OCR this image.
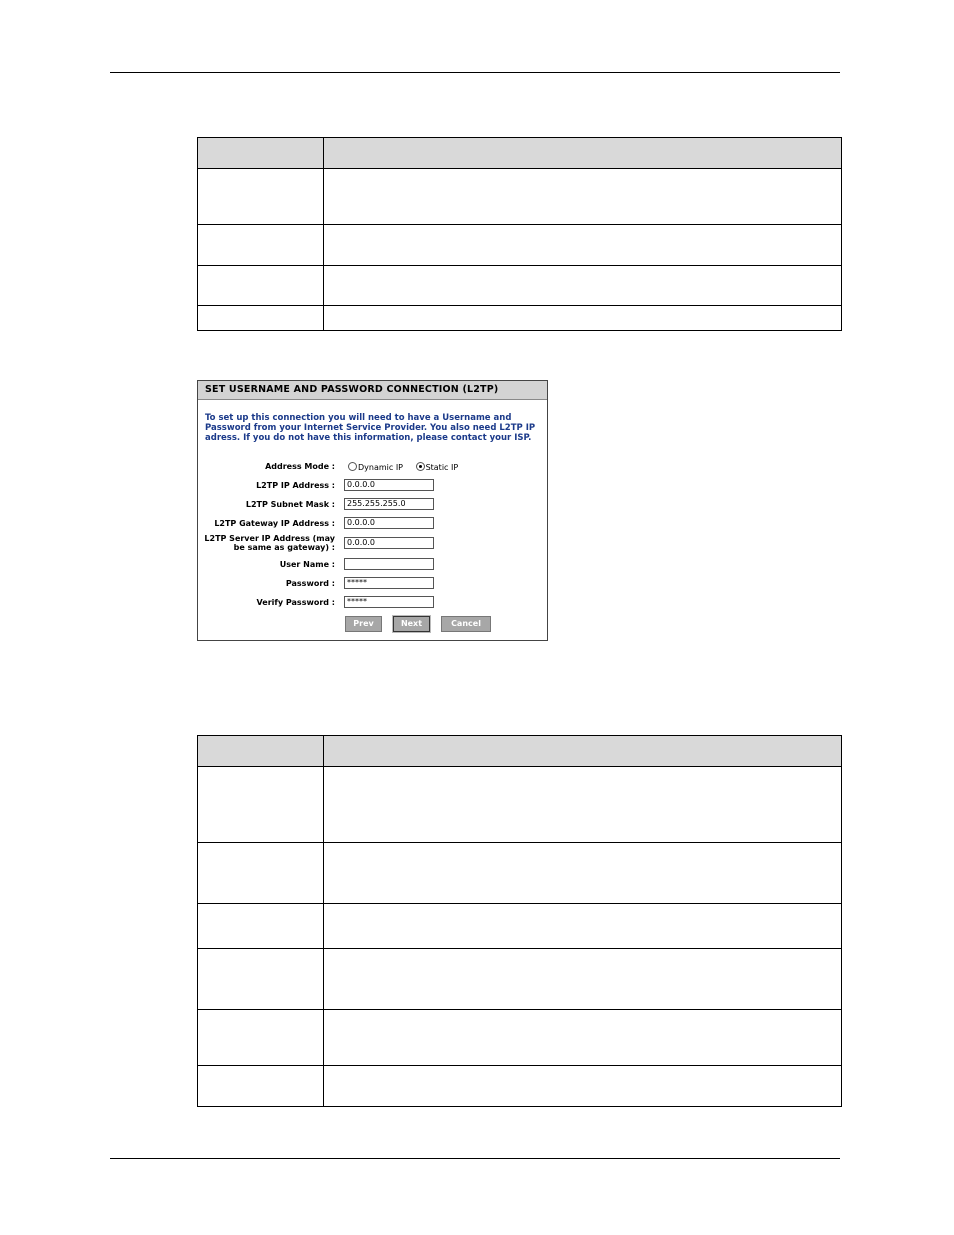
SET USERNAME AND PASSWORD CONNECTION (L2TP)
To set up this connection you will need to have a Username and Password from your Internet Service Provider. You also need L2TP IP adress. If you do not have this information, please contact your ISP.
Address Mode :	Dynamic IP	Static IP
L2TP IP Address :	0.0.0.0
L2TP Subnet Mask :	255.255.255.0
L2TP Gateway IP Address :	0.0.0.0
L2TP Server IP Address (may
be same as gateway) :
0.0.0.0
User Name :
Password :	*****
Verify Password :	*****
Prev	Next	Cancel
